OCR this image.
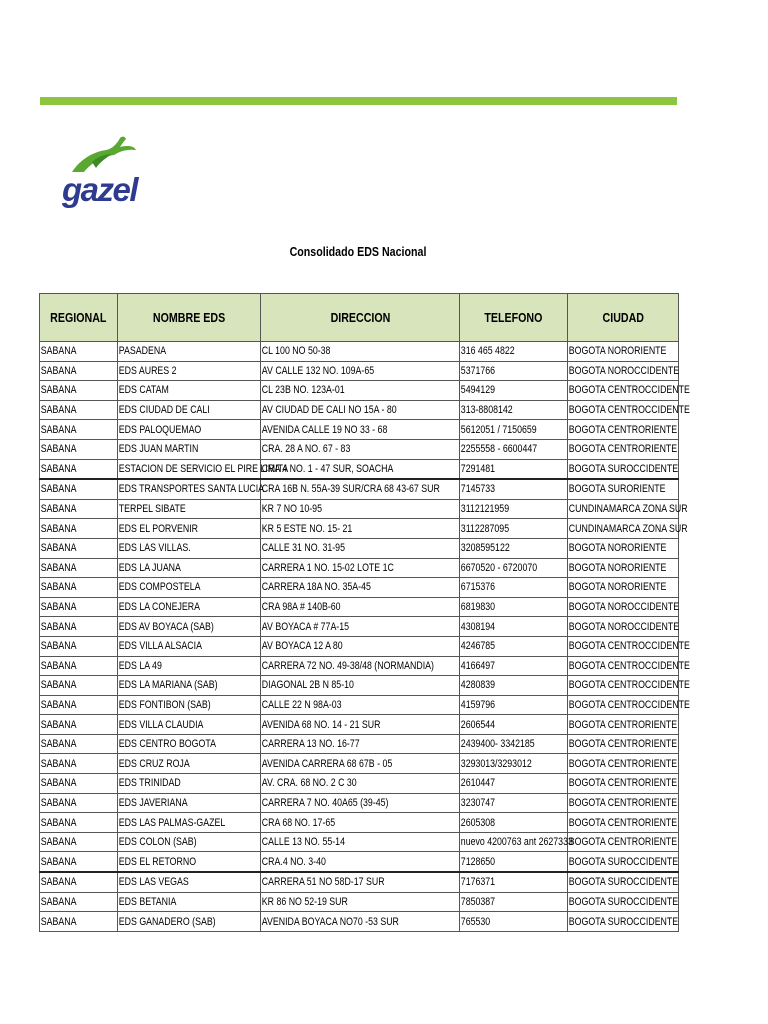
gazel
Consolidado EDS Nacional
REGIONAL	NOMBRE EDS	DIRECCION	TELEFONO	CIUDAD
SABANA	PASADENA	CL 100 NO 50-38	316 465 4822	BOGOTA NORORIENTE
SABANA	EDS AURES 2	AV CALLE 132 NO. 109A-65	5371766	BOGOTA NOROCCIDENTE
SABANA	EDS CATAM	CL 23B NO. 123A-01	5494129	BOGOTA CENTROCCIDENTE
SABANA	EDS CIUDAD DE CALI	AV CIUDAD DE CALI NO 15A - 80	313-8808142	BOGOTA CENTROCCIDENTE
SABANA	EDS PALOQUEMAO	AVENIDA CALLE 19 NO 33 - 68	5612051 / 7150659	BOGOTA CENTRORIENTE
SABANA	EDS JUAN MARTIN	CRA. 28 A NO. 67 - 83	2255558 - 6600447	BOGOTA CENTRORIENTE
SABANA	ESTACION DE SERVICIO EL PIRE LIMITA	CRA 4 NO. 1 - 47 SUR, SOACHA	7291481	BOGOTA SUROCCIDENTE
SABANA	EDS TRANSPORTES SANTA LUCIA	CRA 16B N. 55A-39 SUR/CRA 68 43-67 SUR	7145733	BOGOTA SURORIENTE
SABANA	TERPEL SIBATE	KR 7 NO 10-95	3112121959	CUNDINAMARCA ZONA SUR
SABANA	EDS EL PORVENIR	KR 5 ESTE NO. 15- 21	3112287095	CUNDINAMARCA ZONA SUR
SABANA	EDS LAS VILLAS.	CALLE 31 NO. 31-95	3208595122	BOGOTA NORORIENTE
SABANA	EDS LA JUANA	CARRERA 1 NO. 15-02 LOTE 1C	6670520 - 6720070	BOGOTA NORORIENTE
SABANA	EDS COMPOSTELA	CARRERA 18A NO. 35A-45	6715376	BOGOTA NORORIENTE
SABANA	EDS LA CONEJERA	CRA 98A # 140B-60	6819830	BOGOTA NOROCCIDENTE
SABANA	EDS AV BOYACA (SAB)	AV BOYACA # 77A-15	4308194	BOGOTA NOROCCIDENTE
SABANA	EDS VILLA ALSACIA	AV BOYACA 12 A 80	4246785	BOGOTA CENTROCCIDENTE
SABANA	EDS LA 49	CARRERA 72 NO. 49-38/48 (NORMANDIA)	4166497	BOGOTA CENTROCCIDENTE
SABANA	EDS LA MARIANA (SAB)	DIAGONAL 2B N 85-10	4280839	BOGOTA CENTROCCIDENTE
SABANA	EDS FONTIBON (SAB)	CALLE 22 N 98A-03	4159796	BOGOTA CENTROCCIDENTE
SABANA	EDS VILLA CLAUDIA	AVENIDA 68 NO. 14 - 21 SUR	2606544	BOGOTA CENTRORIENTE
SABANA	EDS CENTRO BOGOTA	CARRERA 13 NO. 16-77	2439400- 3342185	BOGOTA CENTRORIENTE
SABANA	EDS CRUZ ROJA	AVENIDA CARRERA 68 67B - 05	3293013/3293012	BOGOTA CENTRORIENTE
SABANA	EDS TRINIDAD	AV. CRA. 68 NO. 2 C 30	2610447	BOGOTA CENTRORIENTE
SABANA	EDS JAVERIANA	CARRERA 7 NO. 40A65 (39-45)	3230747	BOGOTA CENTRORIENTE
SABANA	EDS LAS PALMAS-GAZEL	CRA 68 NO. 17-65	2605308	BOGOTA CENTRORIENTE
SABANA	EDS COLON (SAB)	CALLE 13 NO. 55-14	nuevo 4200763 ant 2627333	BOGOTA CENTRORIENTE
SABANA	EDS EL RETORNO	CRA.4 NO. 3-40	7128650	BOGOTA SUROCCIDENTE
SABANA	EDS LAS VEGAS	CARRERA 51 NO 58D-17 SUR	7176371	BOGOTA SUROCCIDENTE
SABANA	EDS BETANIA	KR 86 NO 52-19 SUR	7850387	BOGOTA SUROCCIDENTE
SABANA	EDS GANADERO (SAB)	AVENIDA BOYACA NO70 -53 SUR	765530	BOGOTA SUROCCIDENTE
